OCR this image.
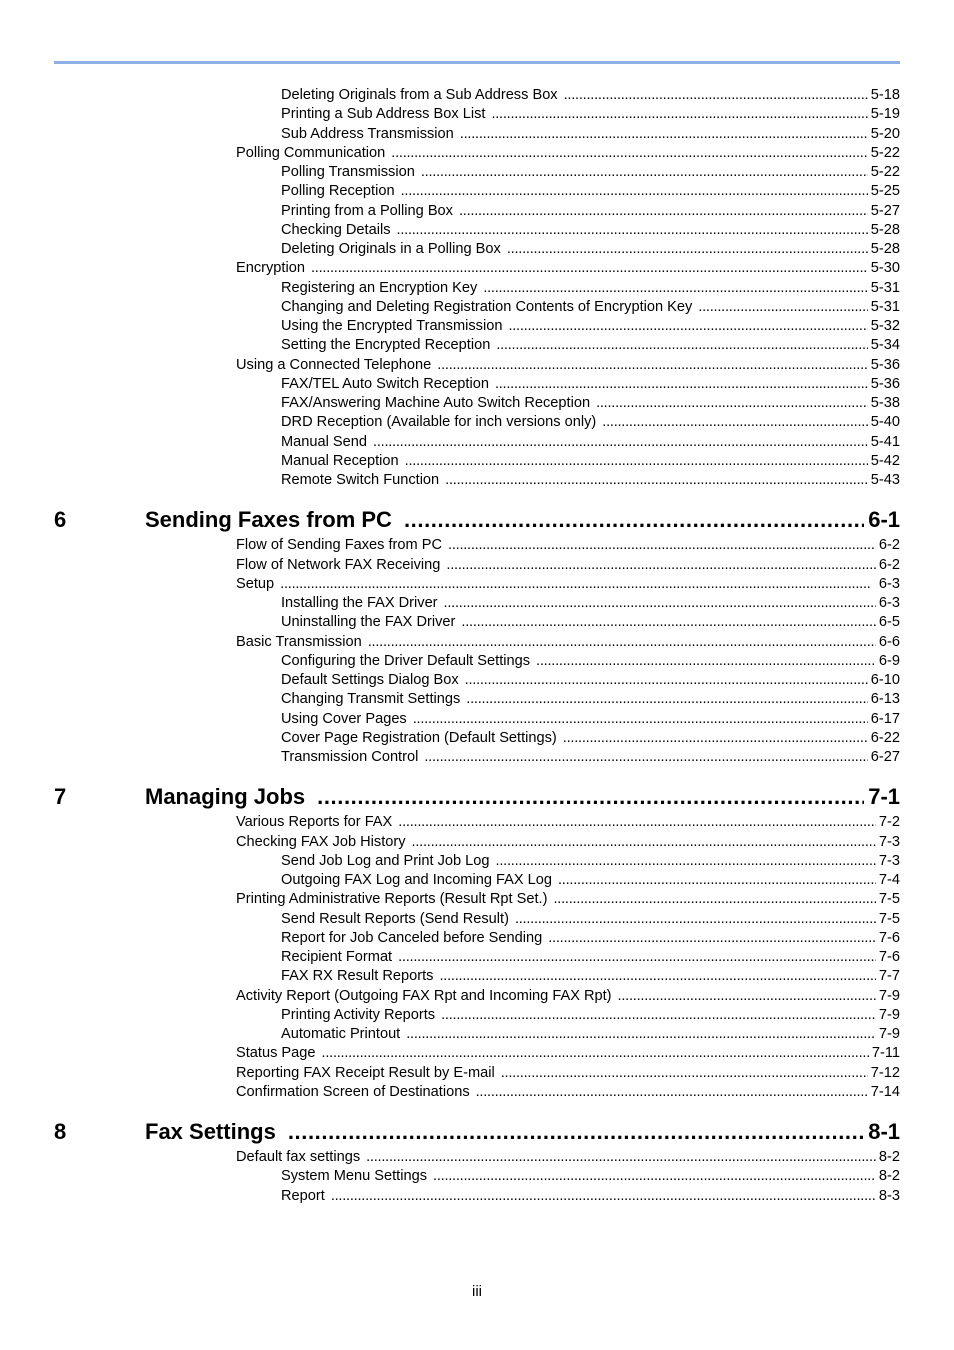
Deleting Originals from a Sub Address Box . . .	5-18
Printing a Sub Address Box List . . .	5-19
Sub Address Transmission . . .	5-20
Polling Communication . . .	5-22
Polling Transmission . . .	5-22
Polling Reception . . .	5-25
Printing from a Polling Box . . .	5-27
Checking Details . . .	5-28
Deleting Originals in a Polling Box . . .	5-28
Encryption . . .	5-30
Registering an Encryption Key . . .	5-31
Changing and Deleting Registration Contents of Encryption Key . . .	5-31
Using the Encrypted Transmission . . .	5-32
Setting the Encrypted Reception . . .	5-34
Using a Connected Telephone . . .	5-36
FAX/TEL Auto Switch Reception . . .	5-36
FAX/Answering Machine Auto Switch Reception . . .	5-38
DRD Reception (Available for inch versions only) . . .	5-40
Manual Send . . .	5-41
Manual Reception . . .	5-42
Remote Switch Function . . .	5-43
6	Sending Faxes from PC .....	6-1
Flow of Sending Faxes from PC . . .	6-2
Flow of Network FAX Receiving . . .	6-2
Setup . . .	6-3
Installing the FAX Driver . . .	6-3
Uninstalling the FAX Driver . . .	6-5
Basic Transmission . . .	6-6
Configuring the Driver Default Settings . . .	6-9
Default Settings Dialog Box . . .	6-10
Changing Transmit Settings . . .	6-13
Using Cover Pages . . .	6-17
Cover Page Registration (Default Settings) . . .	6-22
Transmission Control . . .	6-27
7	Managing Jobs .....	7-1
Various Reports for FAX . . .	7-2
Checking FAX Job History . . .	7-3
Send Job Log and Print Job Log . . .	7-3
Outgoing FAX Log and Incoming FAX Log . . .	7-4
Printing Administrative Reports (Result Rpt Set.) . . .	7-5
Send Result Reports (Send Result) . . .	7-5
Report for Job Canceled before Sending . . .	7-6
Recipient Format . . .	7-6
FAX RX Result Reports . . .	7-7
Activity Report (Outgoing FAX Rpt and Incoming FAX Rpt) . . .	7-9
Printing Activity Reports . . .	7-9
Automatic Printout . . .	7-9
Status Page . . .	7-11
Reporting FAX Receipt Result by E-mail . . .	7-12
Confirmation Screen of Destinations . . .	7-14
8	Fax Settings .....	8-1
Default fax settings . . .	8-2
System Menu Settings . . .	8-2
Report . . .	8-3
iii
